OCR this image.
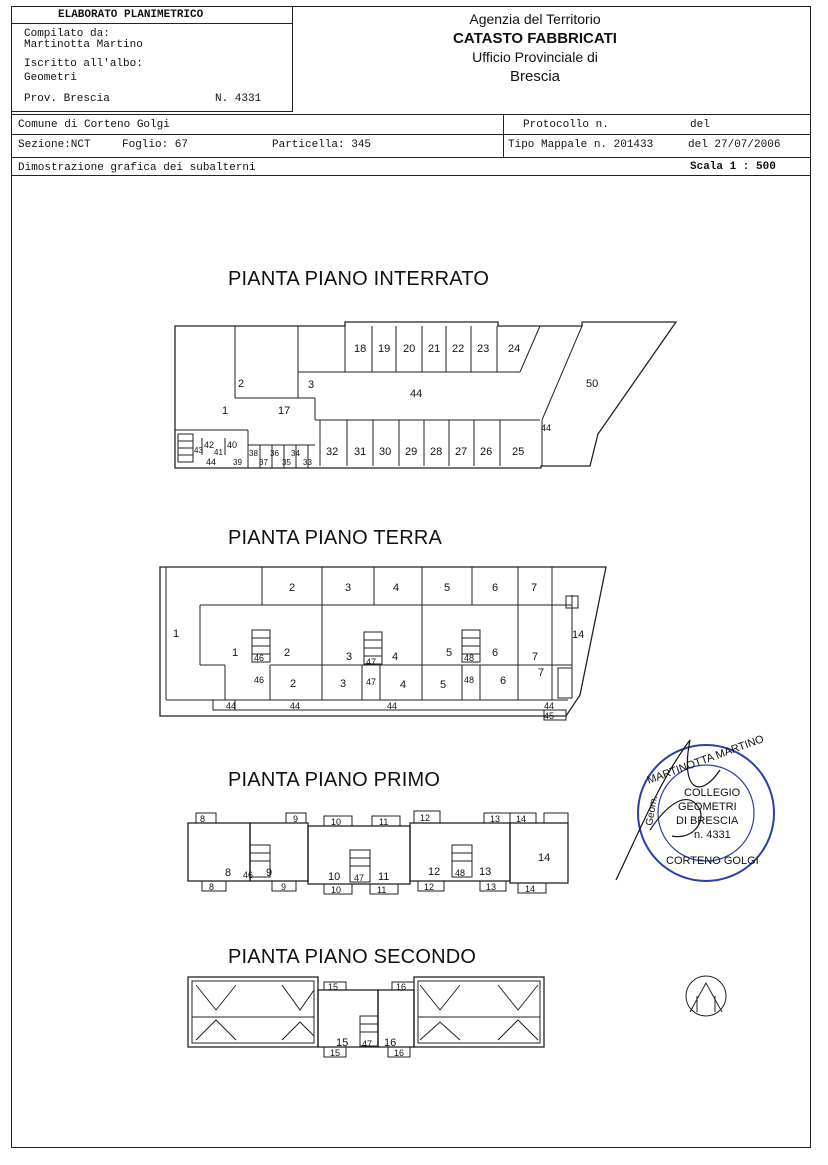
ELABORATO PLANIMETRICO
Compilato da:
Martinotta Martino
Iscritto all'albo:
Geometri
Prov. Brescia	N. 4331
Agenzia del Territorio
CATASTO FABBRICATI
Ufficio Provinciale di
Brescia
Comune di Corteno Golgi	Protocollo n.	del
Sezione:NCT	Foglio: 67	Particella: 345	Tipo Mappale n. 201433	del 27/07/2006
Dimostrazione grafica dei subalterni	Scala 1 : 500
PIANTA PIANO INTERRATO
PIANTA PIANO TERRA
PIANTA PIANO PRIMO
PIANTA PIANO SECONDO
18 19 20 21 22 23 24
2	3
44
50
1	17
32 31 30 29 28 27 26 25
44
43
42
41
40
44
38
39 37
36
35
34
33
2	3	4	5	6	7
1	14
46	47	48
1	2	3	4	5	6	7
46 2	3 47 4	5 48 6
7
44	44	44
45
44
8	9	10	11	12	13 14
14
8 46 9	10 47 11	12 48 13
14
8	9	10	11	12	13	14
15	16
15 47 16
15	16
MARTINOTTA MARTINO
COLLEGIO
GEOMETRI
DI BRESCIA
n. 4331
CORTENO GOLGI
Geom.
